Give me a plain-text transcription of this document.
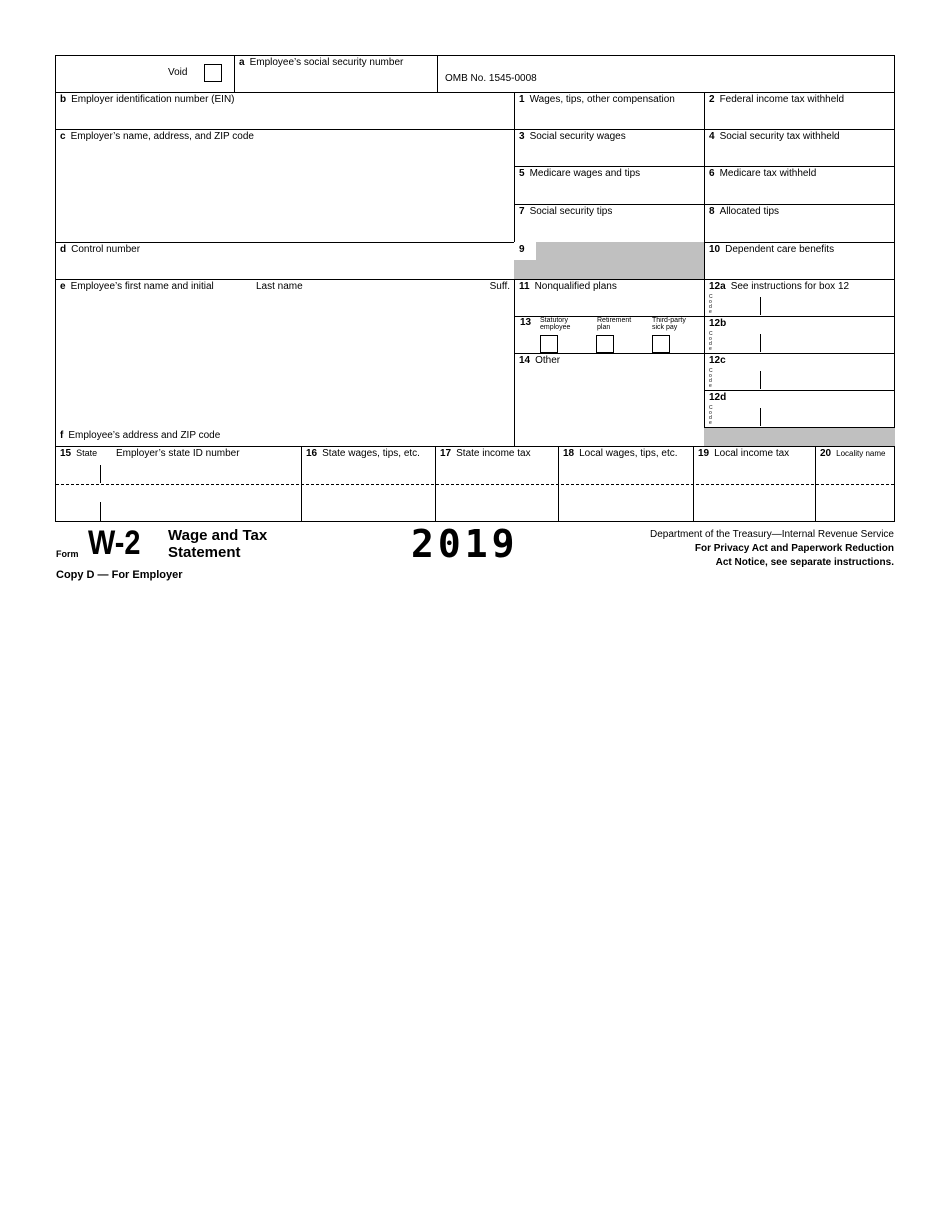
Void
a Employee’s social security number
OMB No. 1545-0008
b Employer identification number (EIN)
c Employer’s name, address, and ZIP code
d Control number
e Employee’s first name and initial	Last name	Suff.
f Employee’s address and ZIP code
1 Wages, tips, other compensation	2 Federal income tax withheld
3 Social security wages	4 Social security tax withheld
5 Medicare wages and tips	6 Medicare tax withheld
7 Social security tips	8 Allocated tips
9	10 Dependent care benefits
11 Nonqualified plans
13 Statutory employee
Retirement plan
Third-party sick pay
14 Other
12a See instructions for box 12
C
o
d
e
12b
C
o
d
e
12c
C
o
d
e
12d
C
o
d
e
15 State Employer’s state ID number	16 State wages, tips, etc.	17 State income tax	18 Local wages, tips, etc.	19 Local income tax	20 Locality name
Form W-2 Wage and Tax
Statement	2019	Department of the Treasury—Internal Revenue Service
For Privacy Act and Paperwork Reduction
Act Notice, see separate instructions.
Copy D — For Employer
